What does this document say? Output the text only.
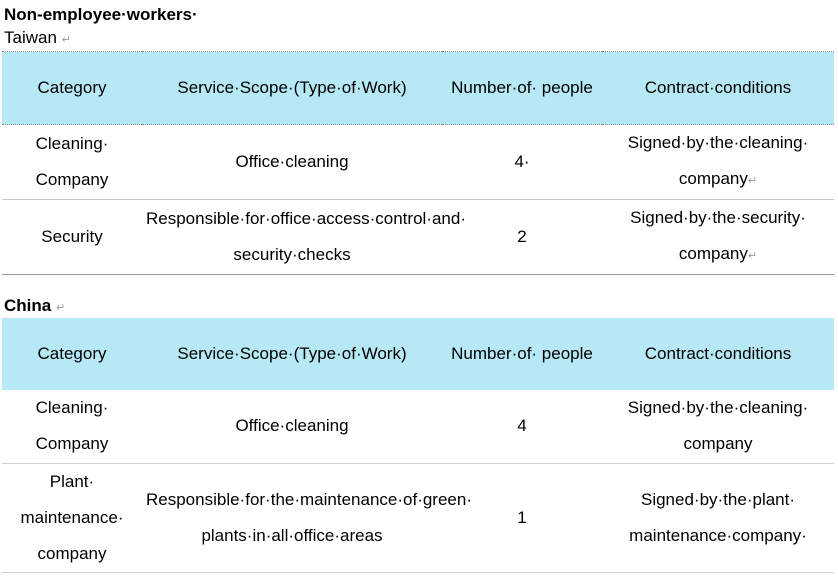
Non-employee·workers·
Taiwan ↵
Category	Service·Scope·(Type·of·Work)	Number·of· people	Contract·conditions
Cleaning· Company	Office·cleaning	4·	Signed·by·the·cleaning· company↵
Security	Responsible·for·office·access·control·and· security·checks	2	Signed·by·the·security· company↵
China ↵
Category	Service·Scope·(Type·of·Work)	Number·of· people	Contract·conditions
Cleaning· Company	Office·cleaning	4	Signed·by·the·cleaning· company
Plant· maintenance· company	Responsible·for·the·maintenance·of·green· plants·in·all·office·areas	1	Signed·by·the·plant· maintenance·company·
